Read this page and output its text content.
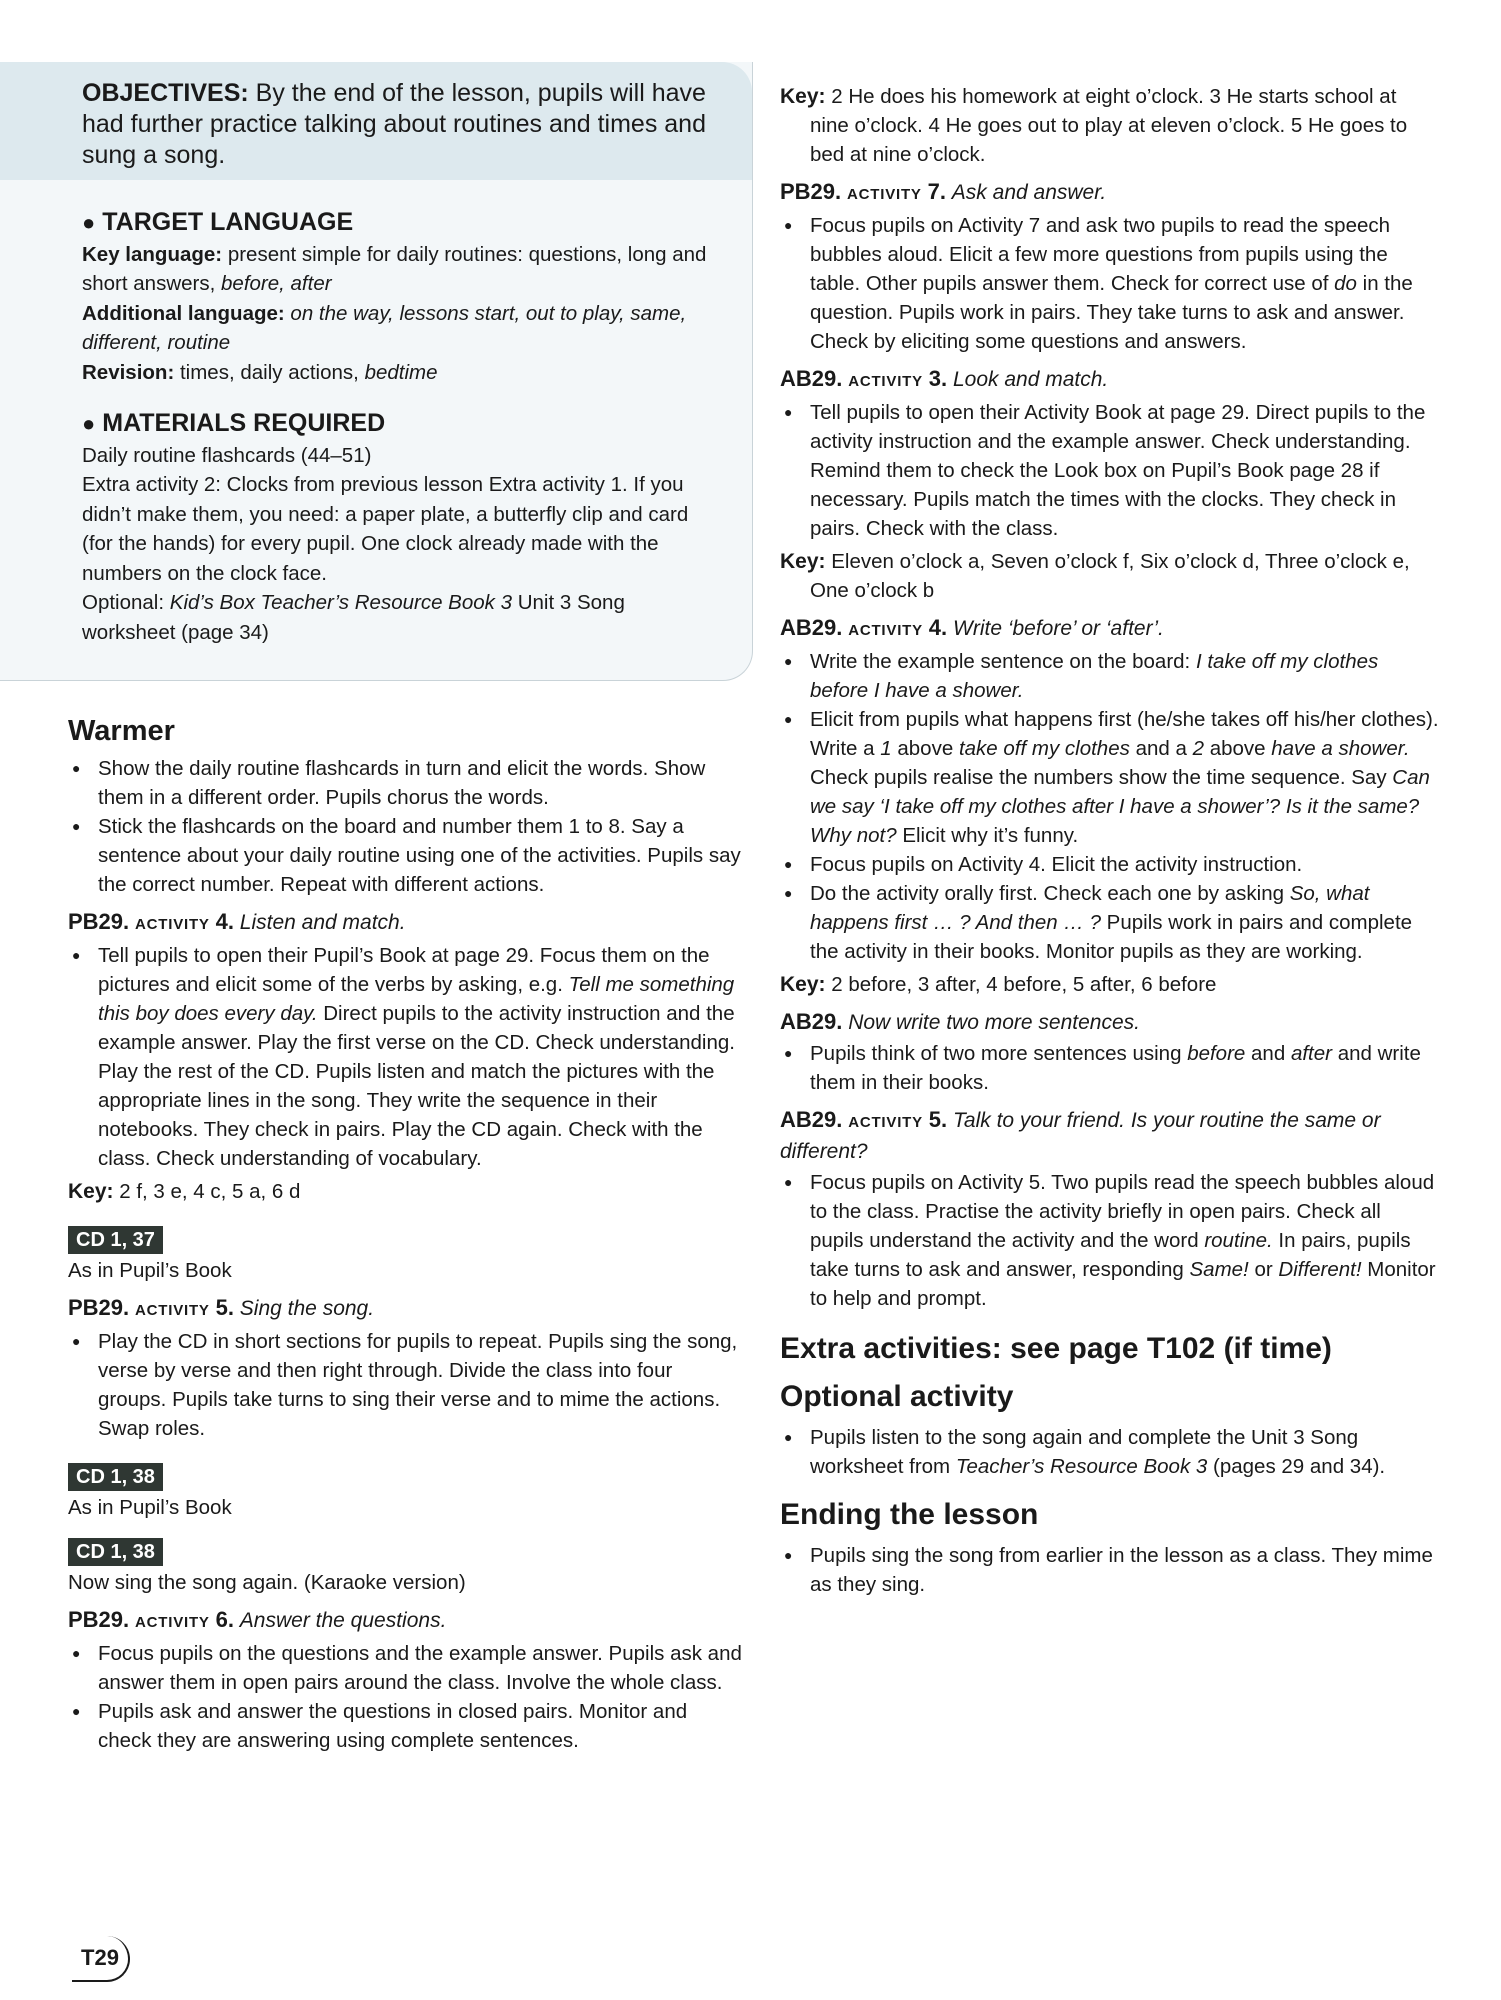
OBJECTIVES: By the end of the lesson, pupils will have had further practice talking about routines and times and sung a song.
● TARGET LANGUAGE

Key language: present simple for daily routines: questions, long and short answers, before, after

Additional language: on the way, lessons start, out to play, same, different, routine

Revision: times, daily actions, bedtime

● MATERIALS REQUIRED

Daily routine flashcards (44–51)

Extra activity 2: Clocks from previous lesson Extra activity 1. If you didn’t make them, you need: a paper plate, a butterfly clip and card (for the hands) for every pupil. One clock already made with the numbers on the clock face.

Optional: Kid’s Box Teacher’s Resource Book 3 Unit 3 Song worksheet (page 34)

Warmer
● Show the daily routine flashcards in turn and elicit the words. Show them in a different order. Pupils chorus the words.
● Stick the flashcards on the board and number them 1 to 8. Say a sentence about your daily routine using one of the activities. Pupils say the correct number. Repeat with different actions.
PB29. ACTIVITY 4. Listen and match.
● Tell pupils to open their Pupil’s Book at page 29. Focus them on the pictures and elicit some of the verbs by asking, e.g. Tell me something this boy does every day. Direct pupils to the activity instruction and the example answer. Play the first verse on the CD. Check understanding. Play the rest of the CD. Pupils listen and match the pictures with the appropriate lines in the song. They write the sequence in their notebooks. They check in pairs. Play the CD again. Check with the class. Check understanding of vocabulary.

Key: 2 f, 3 e, 4 c, 5 a, 6 d

CD 1, 37

As in Pupil’s Book

PB29. ACTIVITY 5. Sing the song.
● Play the CD in short sections for pupils to repeat. Pupils sing the song, verse by verse and then right through. Divide the class into four groups. Pupils take turns to sing their verse and to mime the actions. Swap roles.
CD 1, 38

As in Pupil’s Book

CD 1, 38

Now sing the song again. (Karaoke version)

PB29. ACTIVITY 6. Answer the questions.
● Focus pupils on the questions and the example answer. Pupils ask and answer them in open pairs around the class. Involve the whole class.
● Pupils ask and answer the questions in closed pairs. Monitor and check they are answering using complete sentences.

Key: 2 He does his homework at eight o’clock. 3 He starts school at nine o’clock. 4 He goes out to play at eleven o’clock. 5 He goes to bed at nine o’clock.

PB29. ACTIVITY 7. Ask and answer.
● Focus pupils on Activity 7 and ask two pupils to read the speech bubbles aloud. Elicit a few more questions from pupils using the table. Other pupils answer them. Check for correct use of do in the question. Pupils work in pairs. They take turns to ask and answer. Check by eliciting some questions and answers.
AB29. ACTIVITY 3. Look and match.
● Tell pupils to open their Activity Book at page 29. Direct pupils to the activity instruction and the example answer. Check understanding. Remind them to check the Look box on Pupil’s Book page 28 if necessary. Pupils match the times with the clocks. They check in pairs. Check with the class.

Key: Eleven o’clock a, Seven o’clock f, Six o’clock d, Three o’clock e, One o’clock b

AB29. ACTIVITY 4. Write ‘before’ or ‘after’.
● Write the example sentence on the board: I take off my clothes before I have a shower.
● Elicit from pupils what happens first (he/she takes off his/her clothes). Write a 1 above take off my clothes and a 2 above have a shower. Check pupils realise the numbers show the time sequence. Say Can we say ‘I take off my clothes after I have a shower’? Is it the same? Why not? Elicit why it’s funny.
● Focus pupils on Activity 4. Elicit the activity instruction.
● Do the activity orally first. Check each one by asking So, what happens first … ? And then … ? Pupils work in pairs and complete the activity in their books. Monitor pupils as they are working.

Key: 2 before, 3 after, 4 before, 5 after, 6 before

AB29. Now write two more sentences.
● Pupils think of two more sentences using before and after and write them in their books.
AB29. ACTIVITY 5. Talk to your friend. Is your routine the same or different?
● Focus pupils on Activity 5. Two pupils read the speech bubbles aloud to the class. Practise the activity briefly in open pairs. Check all pupils understand the activity and the word routine. In pairs, pupils take turns to ask and answer, responding Same! or Different! Monitor to help and prompt.
Extra activities: see page T102 (if time)
Optional activity
● Pupils listen to the song again and complete the Unit 3 Song worksheet from Teacher’s Resource Book 3 (pages 29 and 34).
Ending the lesson
● Pupils sing the song from earlier in the lesson as a class. They mime as they sing.
T29
